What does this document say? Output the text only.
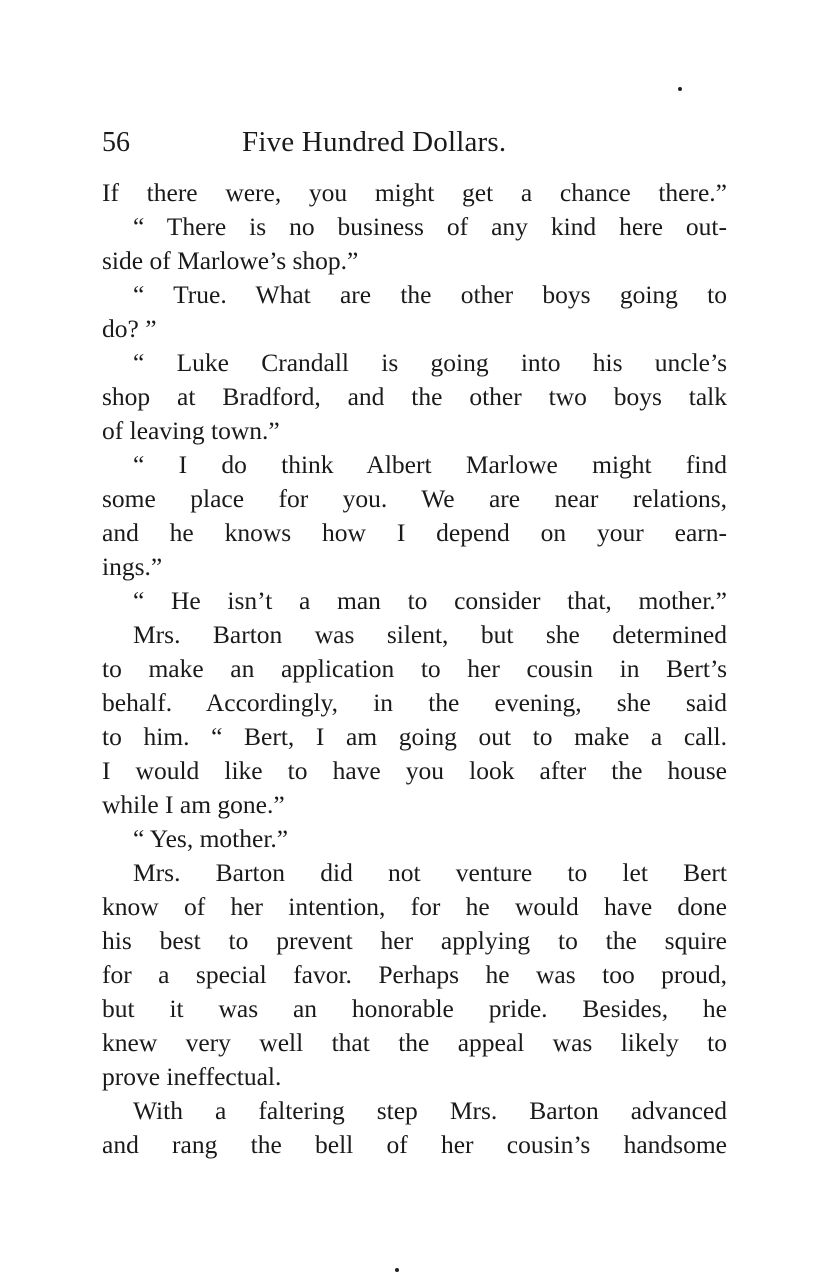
56	Five Hundred Dollars.
If there were, you might get a chance there.”
“ There is no business of any kind here out-
side of Marlowe’s shop.”
“ True. What are the other boys going to
do? ”
“ Luke Crandall is going into his uncle’s
shop at Bradford, and the other two boys talk
of leaving town.”
“ I do think Albert Marlowe might find
some place for you. We are near relations,
and he knows how I depend on your earn-
ings.”
“ He isn’t a man to consider that, mother.”
Mrs. Barton was silent, but she determined
to make an application to her cousin in Bert’s
behalf. Accordingly, in the evening, she said
to him. “ Bert, I am going out to make a call.
I would like to have you look after the house
while I am gone.”
“ Yes, mother.”
Mrs. Barton did not venture to let Bert
know of her intention, for he would have done
his best to prevent her applying to the squire
for a special favor. Perhaps he was too proud,
but it was an honorable pride. Besides, he
knew very well that the appeal was likely to
prove ineffectual.
With a faltering step Mrs. Barton advanced
and rang the bell of her cousin’s handsome
